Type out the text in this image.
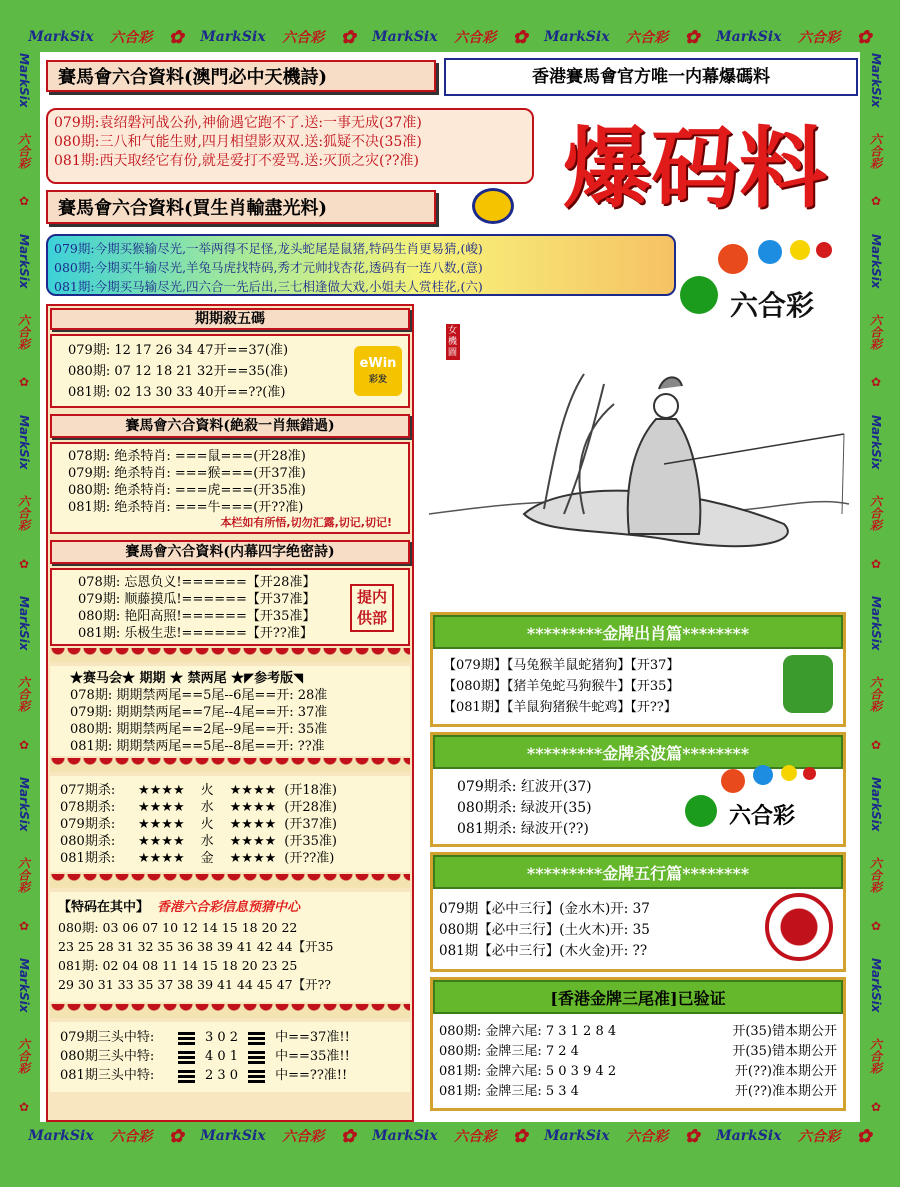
MarkSix 六合彩 ✿ MarkSix 六合彩 ✿ MarkSix 六合彩 ✿ MarkSix 六合彩 ✿ MarkSix 六合彩 ✿
MarkSix 六合彩 ✿ MarkSix 六合彩 ✿ MarkSix 六合彩 ✿ MarkSix 六合彩 ✿ MarkSix 六合彩 ✿
MarkSix
六合彩
✿
MarkSix
六合彩
✿
MarkSix
六合彩
✿
MarkSix
六合彩
✿
MarkSix
六合彩
✿
MarkSix
六合彩
✿
MarkSix
六合彩
✿
MarkSix
六合彩
✿
MarkSix
六合彩
✿
MarkSix
六合彩
✿
MarkSix
六合彩
✿
MarkSix
六合彩
✿
賽馬會六合資料(澳門必中天機詩)	香港賽馬會官方唯一内幕爆碼料

079期:袁绍磐河战公孙,神偷遇它跑不了.送:一事无成(37准)

080期:三八和气能生财,四月相望影双双.送:狐疑不决(35准)

081期:西天取经它有份,就是爱打不爱骂.送:灭顶之灾(??准)	爆码料
賽馬會六合資料(買生肖輸盡光料)

079期:今期买猴输尽光,一举两得不足怪,龙头蛇尾是鼠猪,特码生肖更易猜,(峻)

080期:今期买牛输尽光,羊兔马虎找特码,秀才元帅找杏花,透码有一连八数,(意)

081期:今期买马输尽光,四六合一先后出,三七相逢做大戏,小姐夫人赏桂花,(六)

六合彩
期期殺五碼
079期: 12 17 26 34 47开==37(准)
080期: 07 12 18 21 32开==35(准)
081期: 02 13 30 33 40开==??(准)
eWin
彩发
賽馬會六合資料(絶殺一肖無錯過)
078期: 绝杀特肖: ===鼠===(开28准)
079期: 绝杀特肖: ===猴===(开37准)
080期: 绝杀特肖: ===虎===(开35准)
081期: 绝杀特肖: ===牛===(开??准)
本栏如有所悟,切勿汇露,切记,切记!
賽馬會六合資料(内幕四字绝密詩)
078期: 忘恩负义!======【开28准】
079期: 顺藤摸瓜!======【开37准】
080期: 艳阳高照!======【开35准】
081期: 乐极生悲!======【开??准】
提内供部
★赛马会★ 期期 ★ 禁两尾 ★◤参考版◥
078期: 期期禁两尾==5尾--6尾==开: 28准
079期: 期期禁两尾==7尾--4尾==开: 37准
080期: 期期禁两尾==2尾--9尾==开: 35准
081期: 期期禁两尾==5尾--8尾==开: ??准
077期杀: ★★★★ 火 ★★★★ (开18准)
078期杀: ★★★★ 水 ★★★★ (开28准)
079期杀: ★★★★ 火 ★★★★ (开37准)
080期杀: ★★★★ 水 ★★★★ (开35准)
081期杀: ★★★★ 金 ★★★★ (开??准)
【特码在其中】 香港六合彩信息预猜中心
080期: 03 06 07 10 12 14 15 18 20 22
23 25 28 31 32 35 36 38 39 41 42 44【开35
081期: 02 04 08 11 14 15 18 20 23 25
29 30 31 33 35 37 38 39 41 44 45 47【开??
079期三头中特:	3 0 2	中==37准!!
080期三头中特:	4 0 1	中==35准!!
081期三头中特:	2 3 0	中==??准!!
女機圖
*********金牌出肖篇********
【079期】【马兔猴羊鼠蛇猪狗】【开37】
【080期】【猪羊兔蛇马狗猴牛】【开35】
【081期】【羊鼠狗猪猴牛蛇鸡】【开??】
*********金牌杀波篇********
079期杀: 红波开(37)
080期杀: 绿波开(35)
081期杀: 绿波开(??)	六合彩
*********金牌五行篇********
079期【必中三行】(金水木)开: 37
080期【必中三行】(土火木)开: 35
081期【必中三行】(木火金)开: ??
[香港金牌三尾准]已验证
080期: 金牌六尾: 7 3 1 2 8 4	开(35)错本期公开
080期: 金牌三尾: 7 2 4	开(35)错本期公开
081期: 金牌六尾: 5 0 3 9 4 2	开(??)准本期公开
081期: 金牌三尾: 5 3 4	开(??)准本期公开
